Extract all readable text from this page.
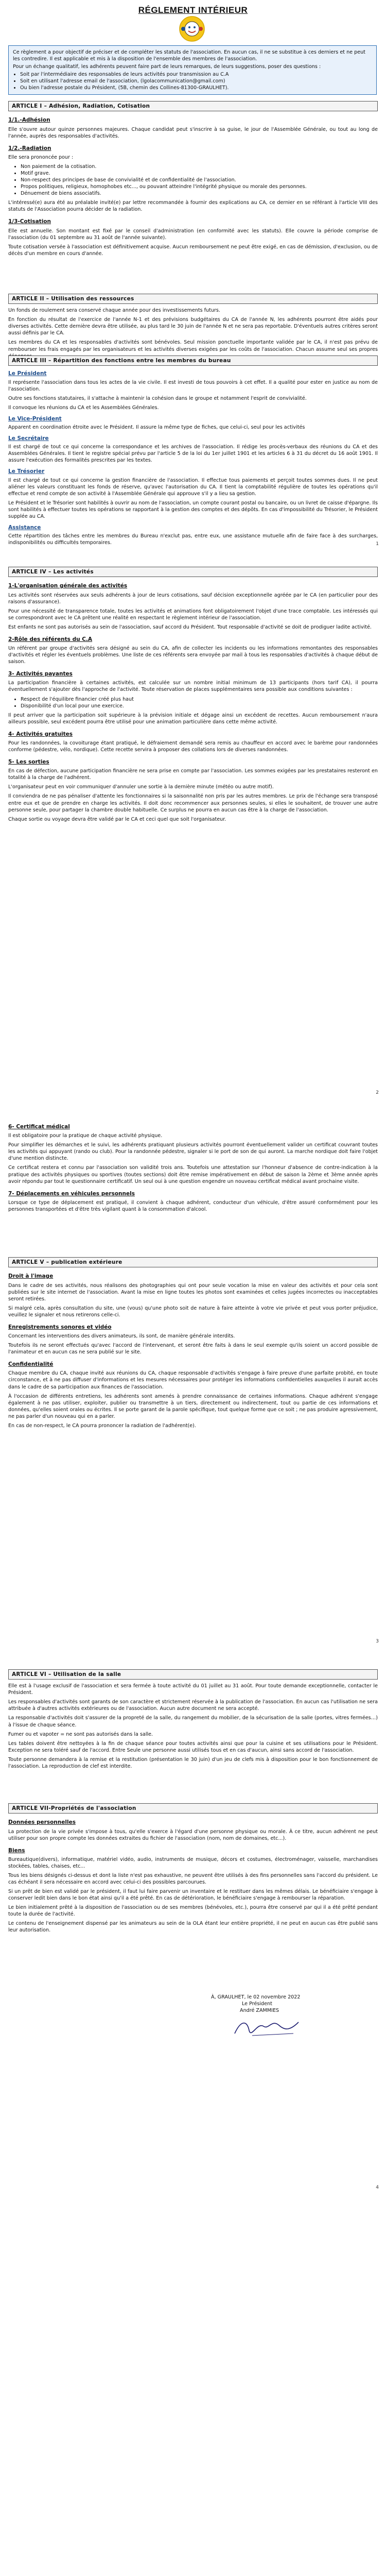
RÉGLEMENT INTÉRIEUR

Ce règlement a pour objectif de préciser et de compléter les statuts de l'association. En aucun cas, il ne se substitue à ces derniers et ne peut les contredire. Il est applicable et mis à la disposition de l'ensemble des membres de l'association.

Pour un échange qualitatif, les adhérents peuvent faire part de leurs remarques, de leurs suggestions, poser des questions :

• Soit par l'intermédiaire des responsables de leurs activités pour transmission au C.A
• Soit en utilisant l'adresse email de l'association, (lgolacommunication@gmail.com)
• Ou bien l'adresse postale du Président, (5B, chemin des Collines-81300-GRAULHET).
ARTICLE I – Adhésion, Radiation, Cotisation
1/1.-Adhésion

Elle s'ouvre autour quinze personnes majeures. Chaque candidat peut s'inscrire à sa guise, le jour de l'Assemblée Générale, ou tout au long de l'année, auprès des responsables d'activités.

1/2.-Radiation

Elle sera prononcée pour :

• Non paiement de la cotisation.
• Motif grave.
• Non-respect des principes de base de convivialité et de confidentialité de l'association.
• Propos politiques, religieux, homophobes etc..., ou pouvant atteindre l'intégrité physique ou morale des personnes.
• Dénuement de biens associatifs.

L'intéressé(e) aura été au préalable invité(e) par lettre recommandée à fournir des explications au CA, ce dernier en se référant à l'article VIII des statuts de l'Association pourra décider de la radiation.

1/3-Cotisation

Elle est annuelle. Son montant est fixé par le conseil d'administration (en conformité avec les statuts). Elle couvre la période comprise de l'association (du 01 septembre au 31 août de l'année suivante).

Toute cotisation versée à l'association est définitivement acquise. Aucun remboursement ne peut être exigé, en cas de démission, d'exclusion, ou de décès d'un membre en cours d'année.

ARTICLE II – Utilisation des ressources

Un fonds de roulement sera conservé chaque année pour des investissements futurs.

En fonction du résultat de l'exercice de l'année N-1 et des prévisions budgétaires du CA de l'année N, les adhérents pourront être aidés pour diverses activités. Cette dernière devra être utilisée, au plus tard le 30 juin de l'année N et ne sera pas reportable. D'éventuels autres critères seront aussi définis par le CA.

Les membres du CA et les responsables d'activités sont bénévoles. Seul mission ponctuelle importante validée par le CA, il n'est pas prévu de rembourser les frais engagés par les organisateurs et les activités diverses exigées par les coûts de l'association. Chacun assume seul ses propres

ARTICLE III – Répartition des fonctions entre les membres du bureau
Le Président

Il représente l'association dans tous les actes de la vie civile. Il est investi de tous pouvoirs à cet effet. Il a qualité pour ester en justice au nom de l'association.

Outre ses fonctions statutaires, il s'attache à maintenir la cohésion dans le groupe et notamment l'esprit de convivialité.

Il convoque les réunions du CA et les Assemblées Générales.

Le Vice-Président

Apparent en coordination étroite avec le Président. Il assure la même type de fiches, que celui-ci, seul pour les activités

Le Secrétaire

Il est chargé de tout ce qui concerne la correspondance et les archives de l'association. Il rédige les procès-verbaux des réunions du CA et des Assemblées Générales. Il tient le registre spécial prévu par l'article 5 de la loi du 1er juillet 1901 et les articles 6 à 31 du décret du 16 août 1901. Il assure l'exécution des formalités prescrites par les textes.

Le Trésorier

Il est chargé de tout ce qui concerne la gestion financière de l'association. Il effectue tous paiements et perçoit toutes sommes dues. Il ne peut aliéner les valeurs constituant les fonds de réserve, qu'avec l'autorisation du CA. Il tient la comptabilité régulière de toutes les opérations qu'il effectue et rend compte de son activité à l'Assemblée Générale qui approuve s'il y a lieu sa gestion.

Le Président et le Trésorier sont habilités à ouvrir au nom de l'association, un compte courant postal ou bancaire, ou un livret de caisse d'épargne. Ils sont habilités à effectuer toutes les opérations se rapportant à la gestion des comptes et des dépôts. En cas d'impossibilité du Trésorier, le Président supplée au CA.

Assistance

Cette répartition des tâches entre les membres du Bureau n'exclut pas, entre eux, une assistance mutuelle afin de faire face à des surcharges, indisponibilités ou difficultés temporaires.	1
ARTICLE IV – Les activités
1-L'organisation générale des activités

Les activités sont réservées aux seuls adhérents à jour de leurs cotisations, sauf décision exceptionnelle agréée par le CA (en particulier pour des raisons d'assurance).

Pour une nécessité de transparence totale, toutes les activités et animations font obligatoirement l'objet d'une trace comptable. Les intéressés qui se correspondront avec le CA prêtent une réalité en respectant le règlement intérieur de l'association.

Est enfants ne sont pas autorisés au sein de l'association, sauf accord du Président. Tout responsable d'activité se doit de prodiguer ladite activité.

2-Rôle des référents du C.A

Un référent par groupe d'activités sera désigné au sein du CA, afin de collecter les incidents ou les informations remontantes des responsables d'activités et régler les éventuels problèmes. Une liste de ces référents sera envoyée par mail à tous les responsables d'activités à chaque début de saison.

3- Activités payantes

La participation financière à certaines activités, est calculée sur un nombre initial minimum de 13 participants (hors tarif CA), il pourra éventuellement s'ajouter dès l'approche de l'activité. Toute réservation de places supplémentaires sera possible aux conditions suivantes :

• Respect de l'équilibre financier créé plus haut
• Disponibilité d'un local pour une exercice.

Il peut arriver que la participation soit supérieure à la prévision initiale et dégage ainsi un excédent de recettes. Aucun remboursement n'aura ailleurs possible, seul excédent pourra être utilisé pour une animation particulière dans cette même activité.

4- Activités gratuites

Pour les randonnées, la covoiturage étant pratiqué, le défraiement demandé sera remis au chauffeur en accord avec le barème pour randonnées conforme (pédestre, vélo, nordique). Cette recette servira à proposer des collations lors de diverses randonnées.

5- Les sorties

En cas de défection, aucune participation financière ne sera prise en compte par l'association. Les sommes exigées par les prestataires resteront en totalité à la charge de l'adhérent.

L'organisateur peut en voir communiquer d'annuler une sortie à la dernière minute (météo ou autre motif).

Il conviendra de ne pas pénaliser d'attente les fonctionnaires si la saisonnalité non pris par les autres membres. Le prix de l'échange sera transposé entre eux et que de prendre en charge les activités. Il doit donc recommencer aux personnes seules, si elles le souhaitent, de trouver une autre personne seule, pour partager la chambre double habituelle. Ce surplus ne pourra en aucun cas être à la charge de l'association.

Chaque sortie ou voyage devra être validé par le CA et ceci quel que soit l'organisateur.

2
6- Certificat médical

Il est obligatoire pour la pratique de chaque activité physique.

Pour simplifier les démarches et le suivi, les adhérents pratiquant plusieurs activités pourront éventuellement valider un certificat couvrant toutes les activités qui appuyant (rando ou club). Pour la randonnée pédestre, signaler si le port de son de qui auront. La marche nordique doit faire l'objet d'une mention distincte.

Ce certificat restera et connu par l'association son validité trois ans. Toutefois une attestation sur l'honneur d'absence de contre-indication à la pratique des activités physiques ou sportives (toutes sections) doit être remise impérativement en début de saison la 2ème et 3ème année après avoir répondu par tout le questionnaire certificatif. Un seul oui à une question engendre un nouveau certificat médical avant prochaine visite.

7- Déplacements en véhicules personnels

Lorsque ce type de déplacement est pratiqué, il convient à chaque adhérent, conducteur d'un véhicule, d'être assuré conformément pour les personnes transportées et d'être très vigilant quant à la consommation d'alcool.

ARTICLE V – publication extérieure
Droit à l'image

Dans le cadre de ses activités, nous réalisons des photographies qui ont pour seule vocation la mise en valeur des activités et pour cela sont publiées sur le site internet de l'association. Avant la mise en ligne toutes les photos sont examinées et celles jugées incorrectes ou inacceptables seront retirées.

Si malgré cela, après consultation du site, une (vous) qu'une photo soit de nature à faire atteinte à votre vie privée et peut vous porter préjudice, veuillez le signaler et nous retirerons celle-ci.

Enregistrements sonores et vidéo

Concernant les interventions des divers animateurs, ils sont, de manière générale interdits.

Toutefois ils ne seront effectués qu'avec l'accord de l'intervenant, et seront être faits à dans le seul exemple qu'ils soient un accord possible de l'animateur et en aucun cas ne sera publié sur le site.

Confidentialité

Chaque membre du CA, chaque invité aux réunions du CA, chaque responsable d'activités s'engage à faire preuve d'une parfaite probité, en toute circonstance, et à ne pas diffuser d'informations et les mesures nécessaires pour protéger les informations confidentielles auxquelles il aurait accès dans le cadre de sa participation aux finances de l'association.

À l'occasion de différents entretiens, les adhérents sont amenés à prendre connaissance de certaines informations. Chaque adhérent s'engage également à ne pas utiliser, exploiter, publier ou transmettre à un tiers, directement ou indirectement, tout ou partie de ces informations et données, qu'elles soient orales ou écrites. Il se porte garant de la parole spécifique, tout quelque forme que ce soit ; ne pas produire agressivement, ne pas parler d'un nouveau qui en a parler.

En cas de non-respect, le CA pourra prononcer la radiation de l'adhérent(e).

3
ARTICLE VI – Utilisation de la salle

Elle est à l'usage exclusif de l'association et sera fermée à toute activité du 01 juillet au 31 août. Pour toute demande exceptionnelle, contacter le Président.

Les responsables d'activités sont garants de son caractère et strictement réservée à la publication de l'association. En aucun cas l'utilisation ne sera attribuée à d'autres activités extérieures ou de l'association. Aucun autre document ne sera accepté.

La responsable d'activités doit s'assurer de la propreté de la salle, du rangement du mobilier, de la sécurisation de la salle (portes, vitres fermées…) à l'issue de chaque séance.

Fumer ou et vapoter = ne sont pas autorisés dans la salle.

Les tables doivent être nettoyées à la fin de chaque séance pour toutes activités ainsi que pour la cuisine et ses utilisations pour le Président. Exception ne sera toléré sauf de l'accord. Entre Seule une personne aussi utilisés tous et en cas d'aucun, ainsi sans accord de l'association.

Toute personne demandera à la remise et la restitution (présentation le 30 juin) d'un jeu de clefs mis à disposition pour le bon fonctionnement de l'association. La reproduction de clef est interdite.

ARTICLE VII-Propriétés de l'association
Données personnelles

La protection de la vie privée s'impose à tous, qu'elle s'exerce à l'égard d'une personne physique ou morale. À ce titre, aucun adhérent ne peut utiliser pour son propre compte les données extraites du fichier de l'association (nom, nom de domaines, etc...).

Biens

Bureautique(divers), informatique, matériel vidéo, audio, instruments de musique, décors et costumes, électroménager, vaisselle, marchandises stockées, tables, chaises, etc...

Tous les biens désignés ci-dessus et dont la liste n'est pas exhaustive, ne peuvent être utilisés à des fins personnelles sans l'accord du président. Le cas échéant il sera nécessaire en accord avec celui-ci des possibles parcourues.

Si un prêt de bien est validé par le président, il faut lui faire parvenir un inventaire et le restituer dans les mêmes délais. Le bénéficiaire s'engage à conserver ledit bien dans le bon état ainsi qu'il a été prêté. En cas de détérioration, le bénéficiaire s'engage à rembourser la réparation.

Le bien initialement prêté à la disposition de l'association ou de ses membres (bénévoles, etc.), pourra être conservé par qui il a été prêté pendant toute la durée de l'activité.

Le contenu de l'enseignement dispensé par les animateurs au sein de la OLA étant leur entière propriété, il ne peut en aucun cas être publié sans leur autorisation.

À, GRAULHET, le 02 novembre 2022
Le Président
André ZAMMIES
4
